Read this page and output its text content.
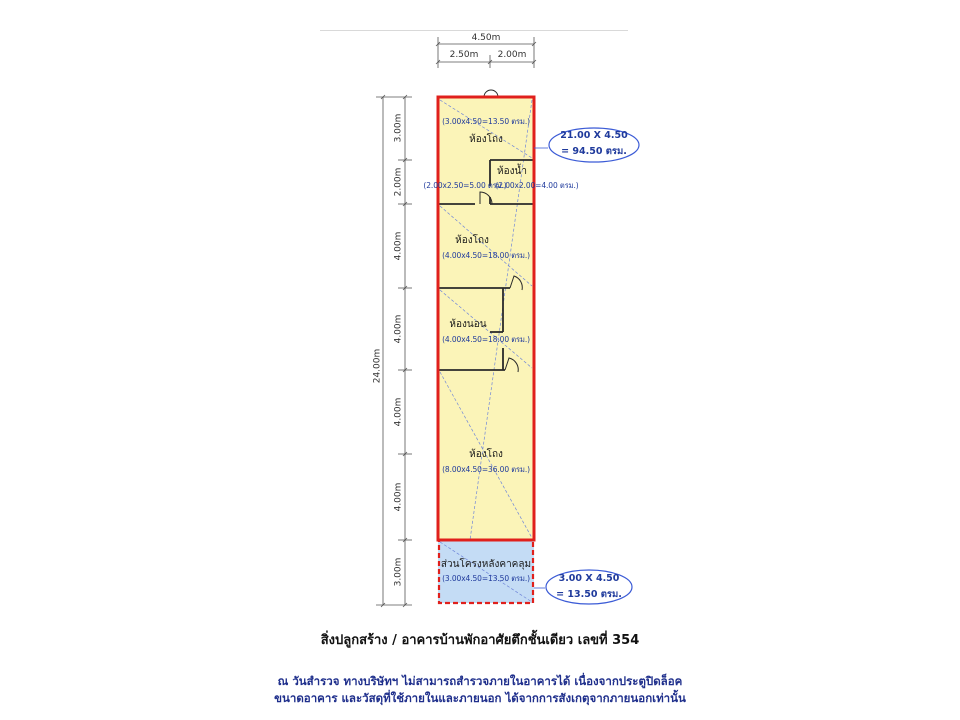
4.50m
2.50m 2.00m
24.00m
3.00m
2.00m
4.00m
4.00m
4.00m
4.00m
3.00m
(3.00x4.50=13.50 ตรม.)
ห้องโถง
ห้องน้ำ
(2.00x2.50=5.00 ตรม.)
(2.00x2.00=4.00 ตรม.)
ห้องโถง
(4.00x4.50=18.00 ตรม.)
ห้องนอน
(4.00x4.50=18.00 ตรม.)
ห้องโถง
(8.00x4.50=36.00 ตรม.)
ส่วนโครงหลังคาคลุม
(3.00x4.50=13.50 ตรม.)
21.00 X 4.50
= 94.50 ตรม.
3.00 X 4.50
= 13.50 ตรม.
สิ่งปลูกสร้าง / อาคารบ้านพักอาศัยตึกชั้นเดียว เลขที่ 354
ณ วันสำรวจ ทางบริษัทฯ ไม่สามารถสำรวจภายในอาคารได้ เนื่องจากประตูปิดล็อค
ขนาดอาคาร และวัสดุที่ใช้ภายในและภายนอก ได้จากการสังเกตุจากภายนอกเท่านั้น
